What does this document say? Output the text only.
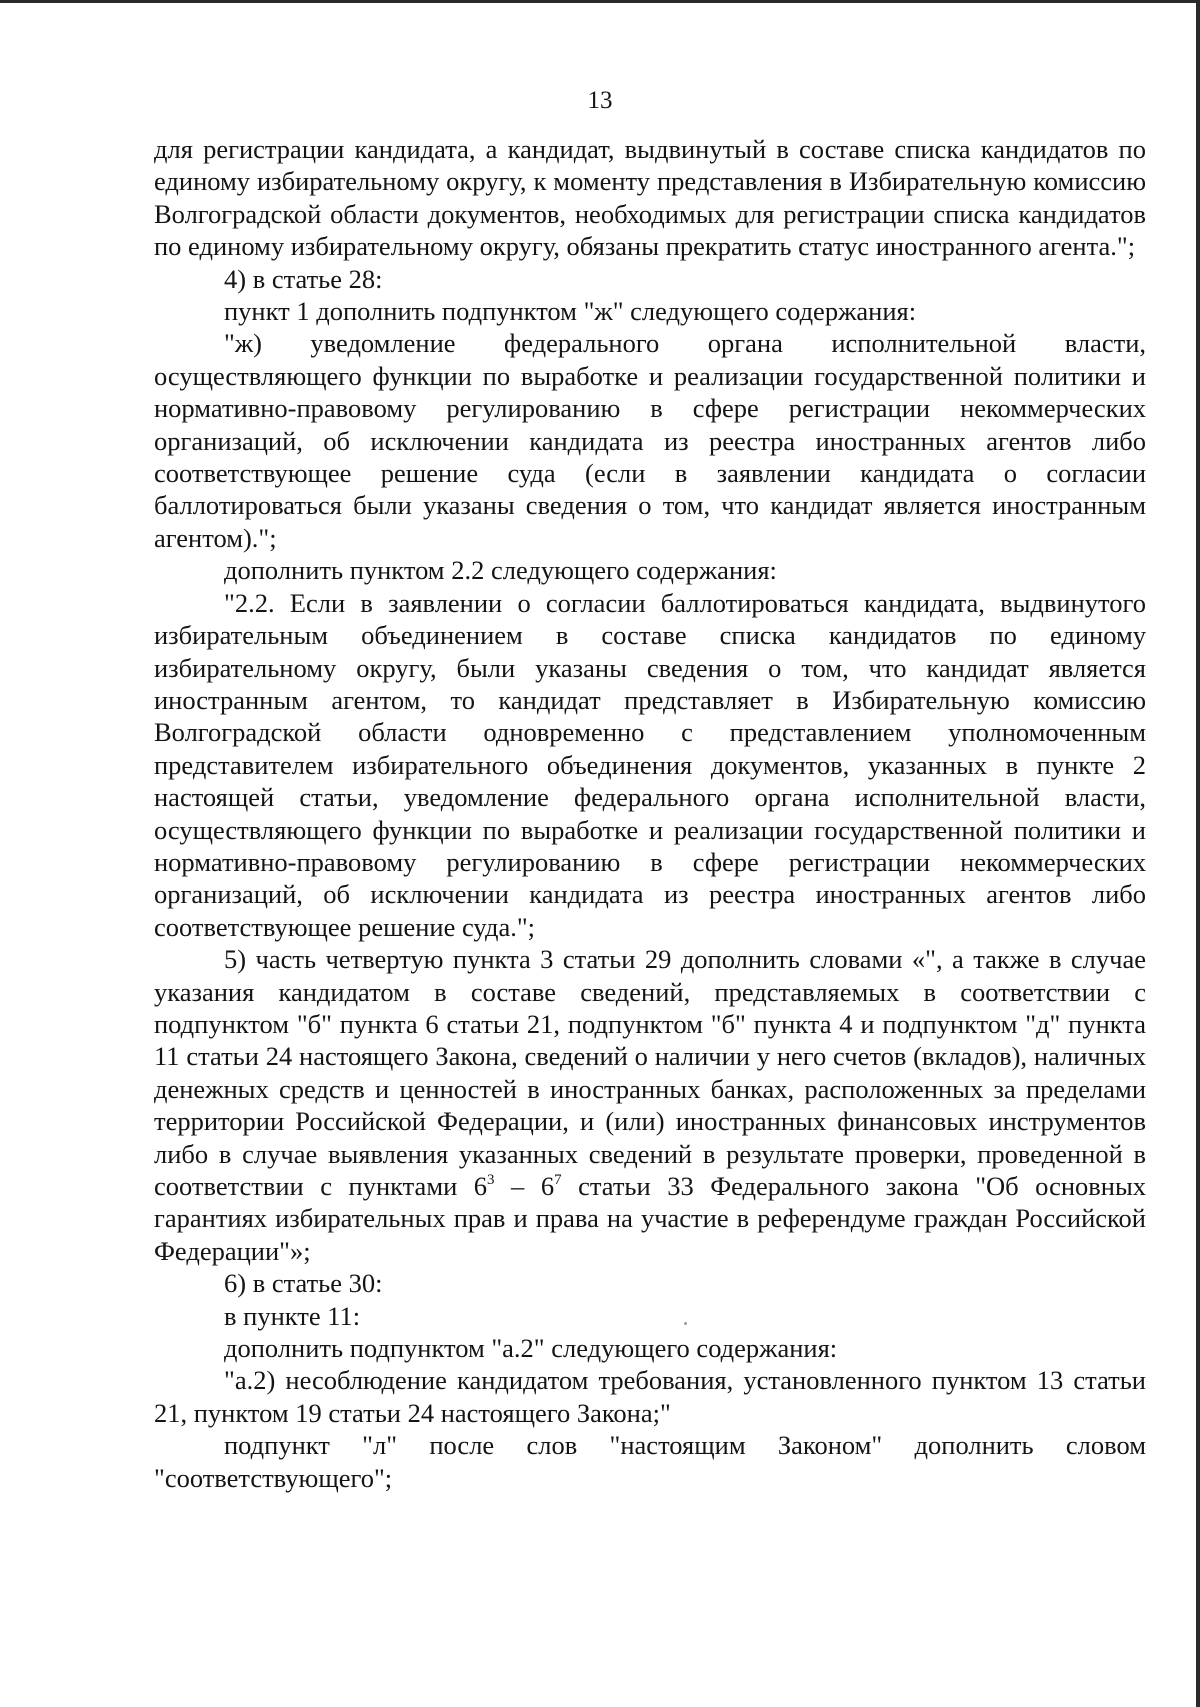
13

для регистрации кандидата, а кандидат, выдвинутый в составе списка кандидатов по единому избирательному округу, к моменту представления в Избирательную комиссию Волгоградской области документов, необходимых для регистрации списка кандидатов по единому избирательному округу, обязаны прекратить статус иностранного агента.";

4) в статье 28:

пункт 1 дополнить подпунктом "ж" следующего содержания:

"ж) уведомление федерального органа исполнительной власти, осуществляющего функции по выработке и реализации государственной политики и нормативно-правовому регулированию в сфере регистрации некоммерческих организаций, об исключении кандидата из реестра иностранных агентов либо соответствующее решение суда (если в заявлении кандидата о согласии баллотироваться были указаны сведения о том, что кандидат является иностранным агентом).";

дополнить пунктом 2.2 следующего содержания:

"2.2. Если в заявлении о согласии баллотироваться кандидата, выдвинутого избирательным объединением в составе списка кандидатов по единому избирательному округу, были указаны сведения о том, что кандидат является иностранным агентом, то кандидат представляет в Избирательную комиссию Волгоградской области одновременно с представлением уполномоченным представителем избирательного объединения документов, указанных в пункте 2 настоящей статьи, уведомление федерального органа исполнительной власти, осуществляющего функции по выработке и реализации государственной политики и нормативно-правовому регулированию в сфере регистрации некоммерческих организаций, об исключении кандидата из реестра иностранных агентов либо соответствующее решение суда.";

5) часть четвертую пункта 3 статьи 29 дополнить словами «", а также в случае указания кандидатом в составе сведений, представляемых в соответствии с подпунктом "б" пункта 6 статьи 21, подпунктом "б" пункта 4 и подпунктом "д" пункта 11 статьи 24 настоящего Закона, сведений о наличии у него счетов (вкладов), наличных денежных средств и ценностей в иностранных банках, расположенных за пределами территории Российской Федерации, и (или) иностранных финансовых инструментов либо в случае выявления указанных сведений в результате проверки, проведенной в соответствии с пунктами $6^3 - 6^7$ статьи 33 Федерального закона "Об основных гарантиях избирательных прав и права на участие в референдуме граждан Российской Федерации"»;

6) в статье 30:

в пункте 11:

дополнить подпунктом "а.2" следующего содержания:

"а.2) несоблюдение кандидатом требования, установленного пунктом 13 статьи 21, пунктом 19 статьи 24 настоящего Закона;"

подпункт "л" после слов "настоящим Законом" дополнить словом "соответствующего";
